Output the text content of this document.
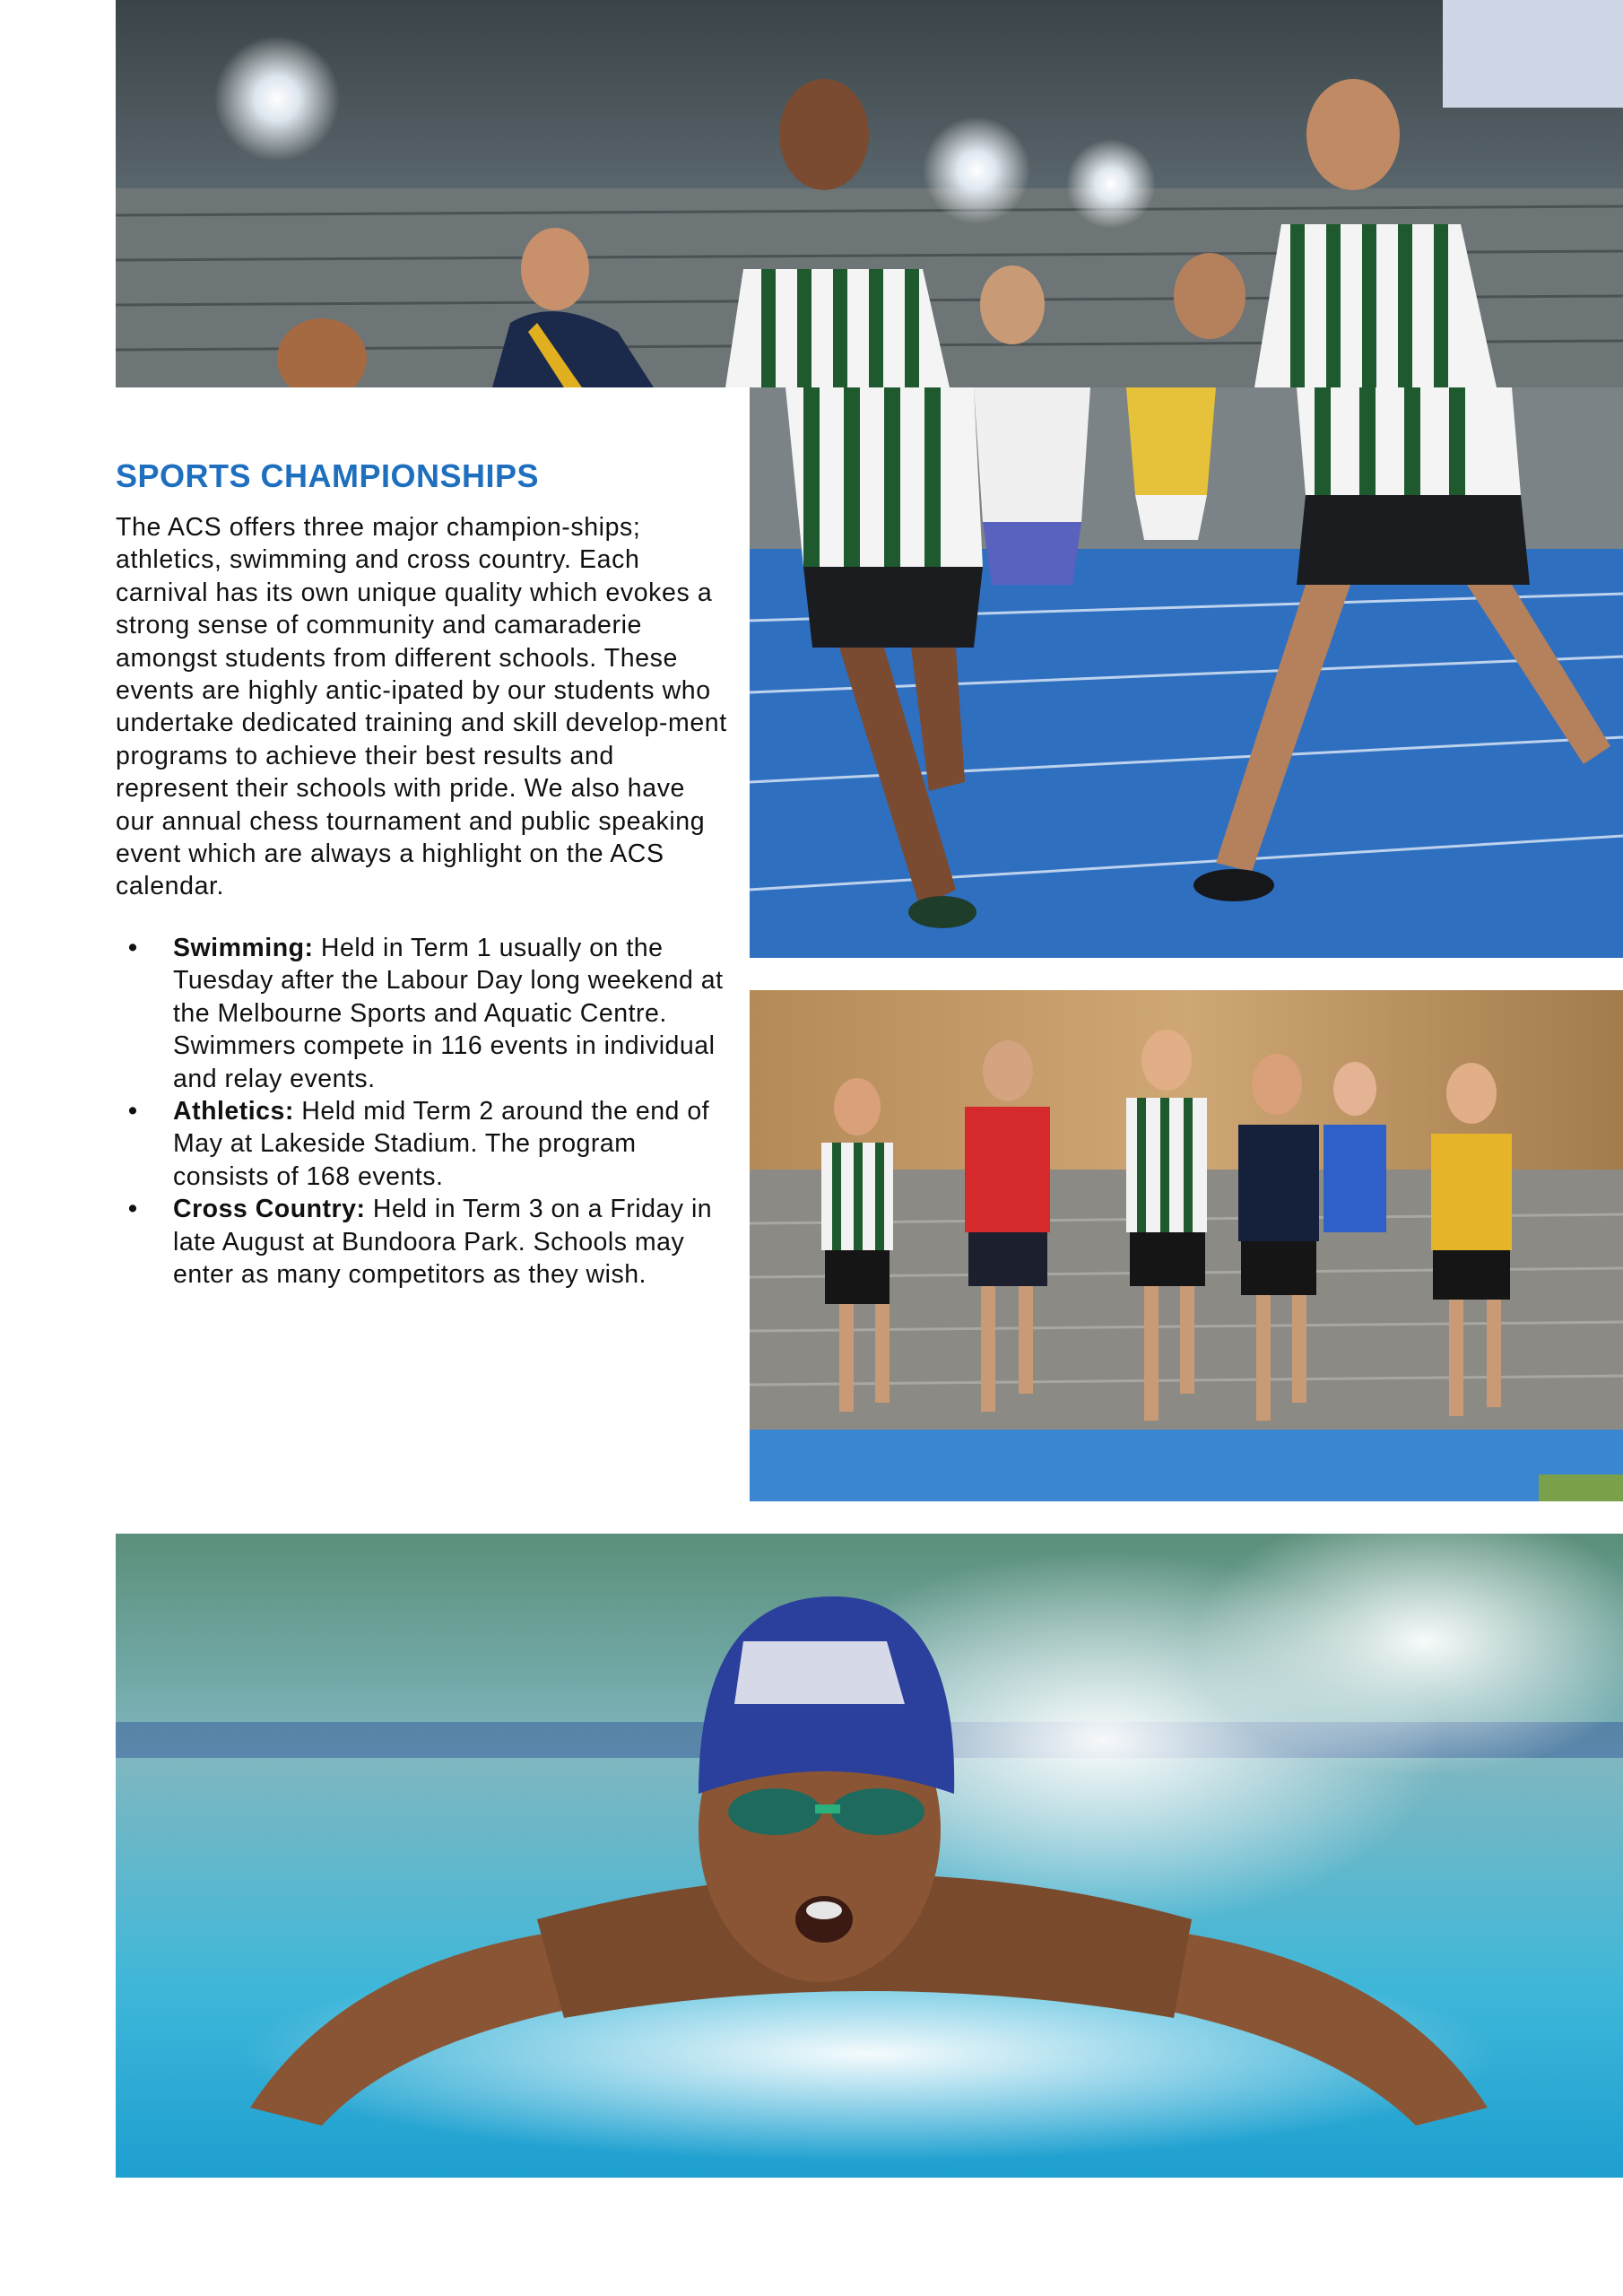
SPORTS CHAMPIONSHIPS

The ACS offers three major champion-ships; athletics, swimming and cross country. Each carnival has its own unique quality which evokes a strong sense of community and camaraderie amongst students from different schools. These events are highly antic-ipated by our students who undertake dedicated training and skill develop-ment programs to achieve their best results and represent their schools with pride. We also have our annual chess tournament and public speaking event which are always a highlight on the ACS calendar.

• Swimming: Held in Term 1 usually on the Tuesday after the Labour Day long weekend at the Melbourne Sports and Aquatic Centre. Swimmers compete in 116 events in individual and relay events.
• Athletics: Held mid Term 2 around the end of May at Lakeside Stadium. The program consists of 168 events.
• Cross Country: Held in Term 3 on a Friday in late August at Bundoora Park. Schools may enter as many competitors as they wish.
